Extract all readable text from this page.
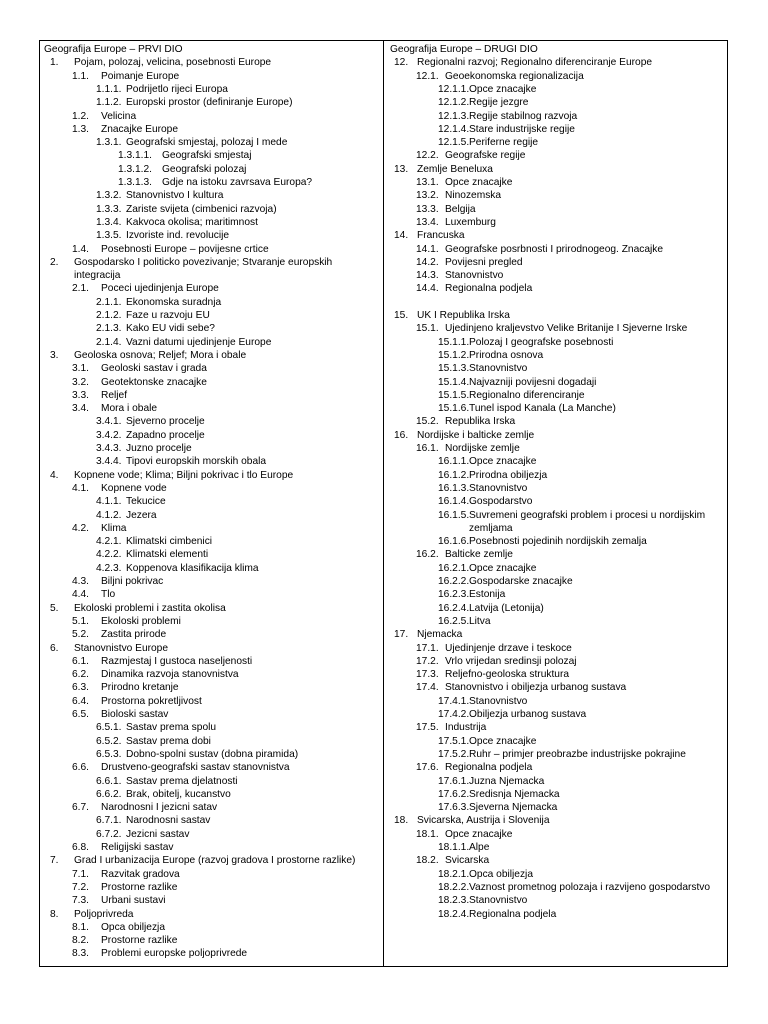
Geografija Europe – PRVI DIO
1.	Pojam, polozaj, velicina, posebnosti Europe
1.1.	Poimanje Europe
1.1.1. Podrijetlo rijeci Europa
1.1.2. Europski prostor (definiranje Europe)
1.2.	Velicina
1.3.	Znacajke Europe
1.3.1. Geografski smjestaj, polozaj I mede
1.3.1.1. Geografski smjestaj
1.3.1.2. Geografski polozaj
1.3.1.3. Gdje na istoku zavrsava Europa?
1.3.2. Stanovnistvo I kultura
1.3.3. Zariste svijeta (cimbenici razvoja)
1.3.4. Kakvoca okolisa; maritimnost
1.3.5. Izvoriste ind. revolucije
1.4.	Posebnosti Europe – povijesne crtice
2.	Gospodarsko I politicko povezivanje; Stvaranje europskih integracija
2.1.	Poceci ujedinjenja Europe
2.1.1. Ekonomska suradnja
2.1.2. Faze u razvoju EU
2.1.3. Kako EU vidi sebe?
2.1.4. Vazni datumi ujedinjenje Europe
3.	Geoloska osnova; Reljef; Mora i obale
3.1.	Geoloski sastav i grada
3.2.	Geotektonske znacajke
3.3.	Reljef
3.4.	Mora i obale
3.4.1. Sjeverno procelje
3.4.2. Zapadno procelje
3.4.3. Juzno procelje
3.4.4. Tipovi europskih morskih obala
4.	Kopnene vode; Klima; Biljni pokrivac i tlo Europe
4.1.	Kopnene vode
4.1.1. Tekucice
4.1.2. Jezera
4.2.	Klima
4.2.1. Klimatski cimbenici
4.2.2. Klimatski elementi
4.2.3. Koppenova klasifikacija klima
4.3.	Biljni pokrivac
4.4.	Tlo
5.	Ekoloski problemi i zastita okolisa
5.1.	Ekoloski problemi
5.2.	Zastita prirode
6.	Stanovnistvo Europe
6.1.	Razmjestaj I gustoca naseljenosti
6.2.	Dinamika razvoja stanovnistva
6.3.	Prirodno kretanje
6.4.	Prostorna pokretljivost
6.5.	Bioloski sastav
6.5.1. Sastav prema spolu
6.5.2. Sastav prema dobi
6.5.3. Dobno-spolni sustav (dobna piramida)
6.6.	Drustveno-geografski sastav stanovnistva
6.6.1. Sastav prema djelatnosti
6.6.2. Brak, obitelj, kucanstvo
6.7.	Narodnosni I jezicni satav
6.7.1. Narodnosni sastav
6.7.2. Jezicni sastav
6.8.	Religijski sastav
7.	Grad I urbanizacija Europe (razvoj gradova I prostorne razlike)
7.1.	Razvitak gradova
7.2.	Prostorne razlike
7.3.	Urbani sustavi
8.	Poljoprivreda
8.1.	Opca obiljezja
8.2.	Prostorne razlike
8.3.	Problemi europske poljoprivrede
Geografija Europe – DRUGI DIO
12. Regionalni razvoj; Regionalno diferenciranje Europe
12.1. Geoekonomska regionalizacija
12.1.1. Opce znacajke
12.1.2. Regije jezgre
12.1.3. Regije stabilnog razvoja
12.1.4. Stare industrijske regije
12.1.5. Periferne regije
12.2. Geografske regije
13. Zemlje Beneluxa
13.1. Opce znacajke
13.2. Ninozemska
13.3. Belgija
13.4. Luxemburg
14. Francuska
14.1. Geografske posrbnosti I prirodnogeog. Znacajke
14.2. Povijesni pregled
14.3. Stanovnistvo
14.4. Regionalna podjela
15. UK I Republika Irska
15.1. Ujedinjeno kraljevstvo Velike Britanije I Sjeverne Irske
15.1.1. Polozaj I geografske posebnosti
15.1.2. Prirodna osnova
15.1.3. Stanovnistvo
15.1.4. Najvazniji povijesni dogadaji
15.1.5. Regionalno diferenciranje
15.1.6. Tunel ispod Kanala (La Manche)
15.2. Republika Irska
16. Nordijske i balticke zemlje
16.1. Nordijske zemlje
16.1.1. Opce znacajke
16.1.2. Prirodna obiljezja
16.1.3. Stanovnistvo
16.1.4. Gospodarstvo
16.1.5. Suvremeni geografski problem i procesi u nordijskim zemljama
16.1.6. Posebnosti pojedinih nordijskih zemalja
16.2. Balticke zemlje
16.2.1. Opce znacajke
16.2.2. Gospodarske znacajke
16.2.3. Estonija
16.2.4. Latvija (Letonija)
16.2.5. Litva
17. Njemacka
17.1. Ujedinjenje drzave i teskoce
17.2. Vrlo vrijedan sredinsji polozaj
17.3. Reljefno-geoloska struktura
17.4. Stanovnistvo i obiljezja urbanog sustava
17.4.1. Stanovnistvo
17.4.2. Obiljezja urbanog sustava
17.5. Industrija
17.5.1. Opce znacajke
17.5.2. Ruhr – primjer preobrazbe industrijske pokrajine
17.6. Regionalna podjela
17.6.1. Juzna Njemacka
17.6.2. Sredisnja Njemacka
17.6.3. Sjeverna Njemacka
18. Svicarska, Austrija i Slovenija
18.1. Opce znacajke
18.1.1. Alpe
18.2. Svicarska
18.2.1. Opca obiljezja
18.2.2. Vaznost prometnog polozaja i razvijeno gospodarstvo
18.2.3. Stanovnistvo
18.2.4. Regionalna podjela
